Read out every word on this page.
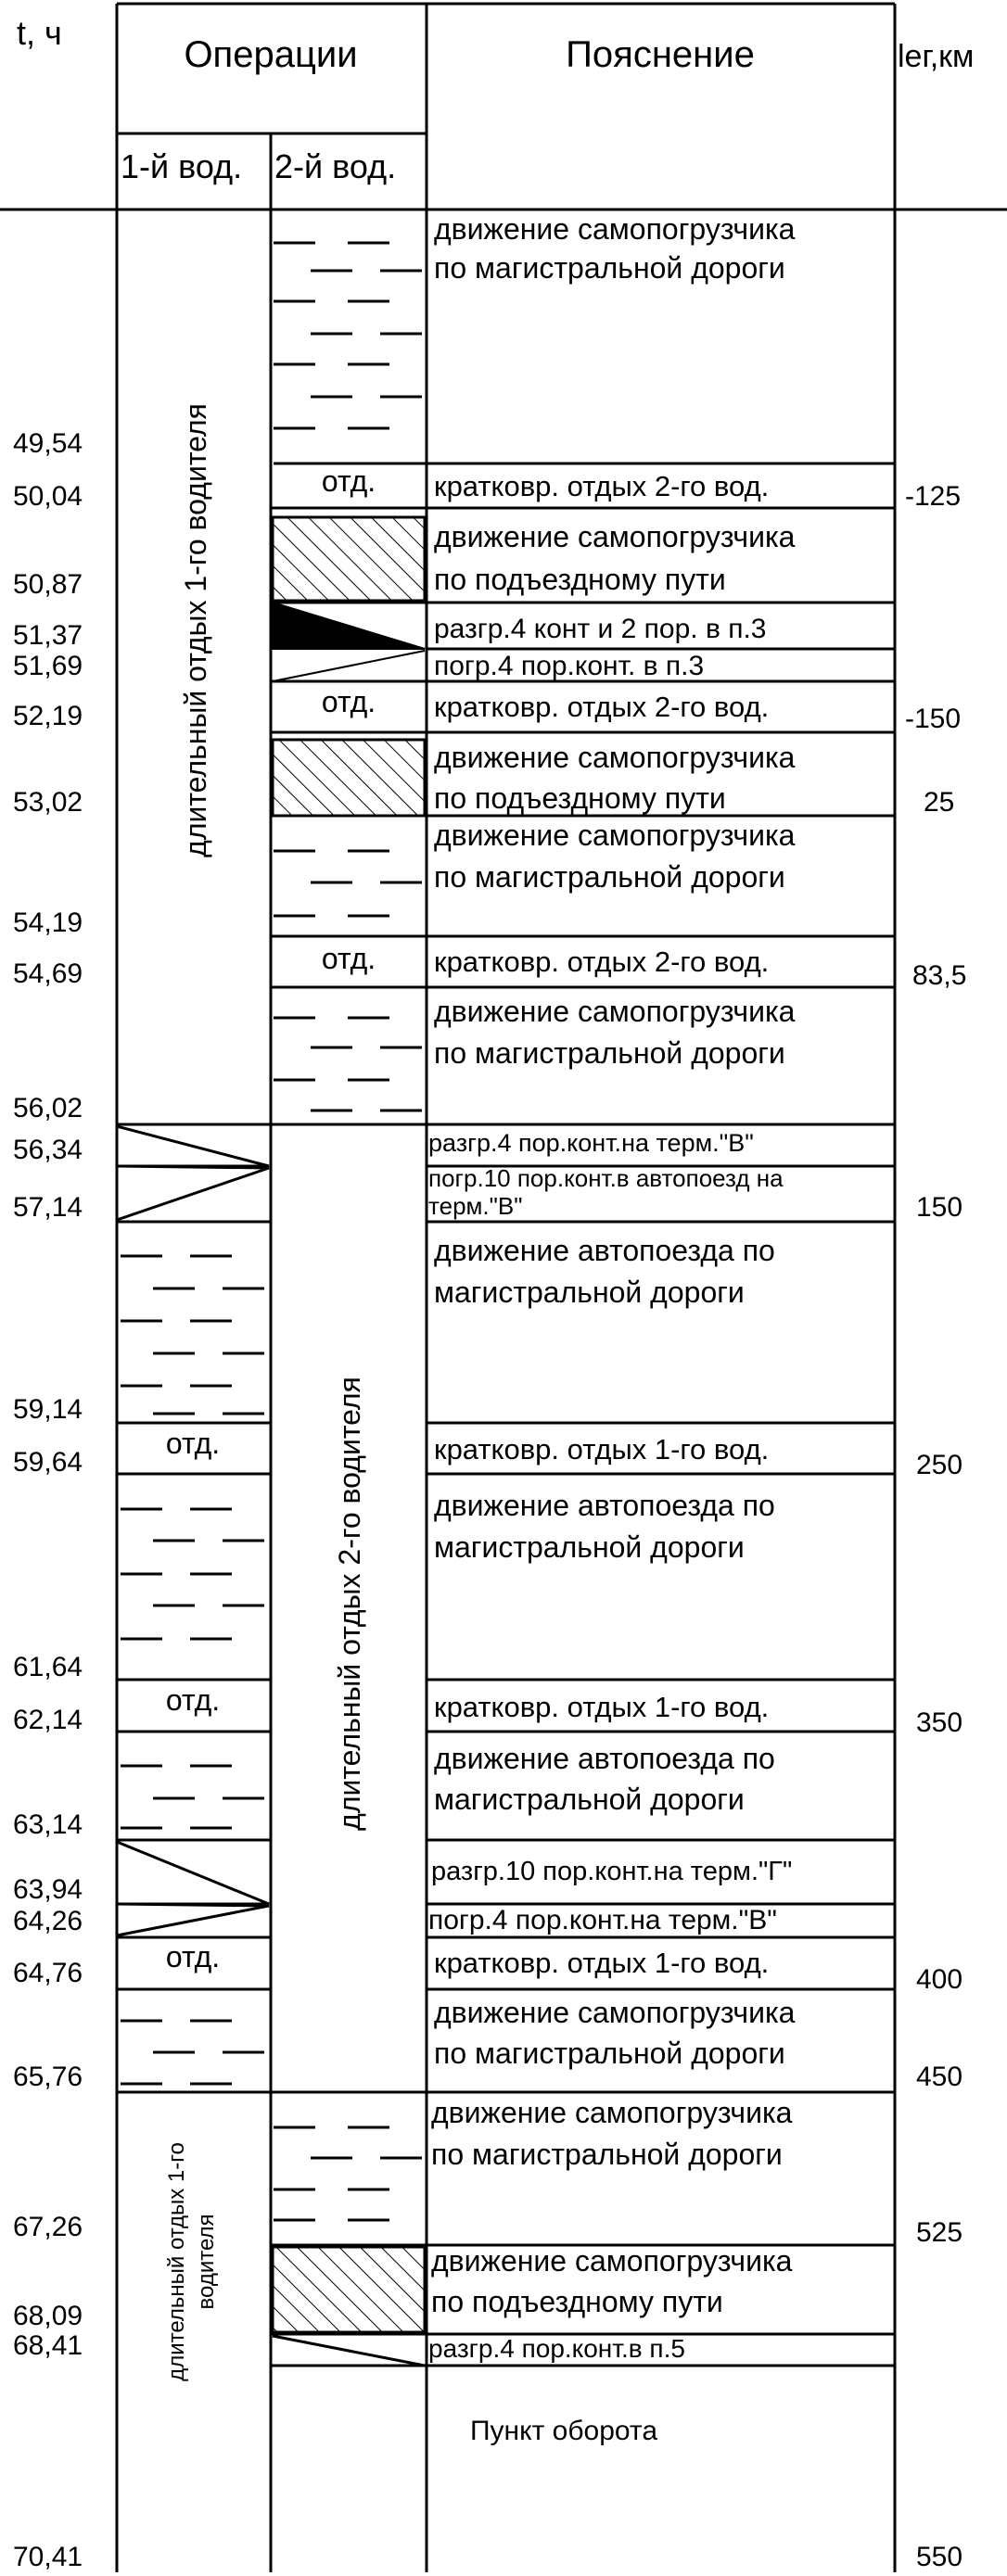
t, ч
Операции	Пояснение	lег,км
1-й вод. 2-й вод.
отд.
отд.
отд.
отд.
отд.
отд.
длительный отдых 1-го водителя
длительный отдых 2-го водителя
длительный отдых 1-го водителя
49,54
50,04
50,87
51,37
51,69
52,19
53,02
54,19
54,69
56,02
56,34
57,14
59,14
59,64
61,64
62,14
63,14
63,94
64,26
64,76
65,76
67,26
68,09
68,41
70,41
-125
-150
25
83,5
150
250
350
400
450
525
550
движение самопогрузчика
по магистральной дороги
кратковр. отдых 2-го вод.
движение самопогрузчика
по подъездному пути
разгр.4 конт и 2 пор. в п.3
погр.4 пор.конт. в п.3
кратковр. отдых 2-го вод.
движение самопогрузчика
по подъездному пути
движение самопогрузчика
по магистральной дороги
кратковр. отдых 2-го вод.
движение самопогрузчика
по магистральной дороги
разгр.4 пор.конт.на терм."В"
погр.10 пор.конт.в автопоезд на
терм."В"
движение автопоезда по
магистральной дороги
кратковр. отдых 1-го вод.
движение автопоезда по
магистральной дороги
кратковр. отдых 1-го вод.
движение автопоезда по
магистральной дороги
разгр.10 пор.конт.на терм."Г"
погр.4 пор.конт.на терм."В"
кратковр. отдых 1-го вод.
движение самопогрузчика
по магистральной дороги
движение самопогрузчика
по магистральной дороги
движение самопогрузчика
по подъездному пути
разгр.4 пор.конт.в п.5
Пункт оборота
